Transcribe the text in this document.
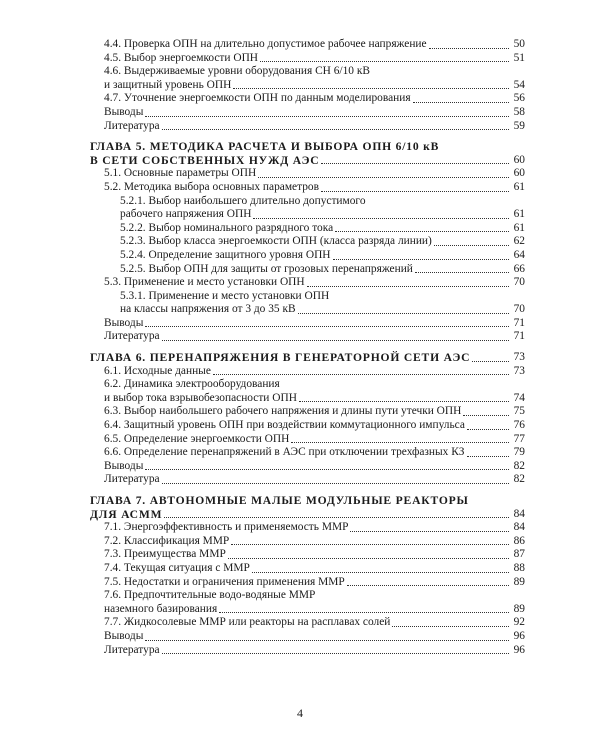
4.4. Проверка ОПН на длительно допустимое рабочее напряжение	50
4.5. Выбор энергоемкости ОПН	51
4.6. Выдерживаемые уровни оборудования СН 6/10 кВ
и защитный уровень ОПН	54
4.7. Уточнение энергоемкости ОПН по данным моделирования	56
Выводы	58
Литература	59
ГЛАВА 5. МЕТОДИКА РАСЧЕТА И ВЫБОРА ОПН 6/10 кВ
В СЕТИ СОБСТВЕННЫХ НУЖД АЭС	60
5.1. Основные параметры ОПН	60
5.2. Методика выбора основных параметров	61
5.2.1. Выбор наибольшего длительно допустимого
рабочего напряжения ОПН	61
5.2.2. Выбор номинального разрядного тока	61
5.2.3. Выбор класса энергоемкости ОПН (класса разряда линии)	62
5.2.4. Определение защитного уровня ОПН	64
5.2.5. Выбор ОПН для защиты от грозовых перенапряжений	66
5.3. Применение и место установки ОПН	70
5.3.1. Применение и место установки ОПН
на классы напряжения от 3 до 35 кВ	70
Выводы	71
Литература	71
ГЛАВА 6. ПЕРЕНАПРЯЖЕНИЯ В ГЕНЕРАТОРНОЙ СЕТИ АЭС	73
6.1. Исходные данные	73
6.2. Динамика электрооборудования
и выбор тока взрывобезопасности ОПН	74
6.3. Выбор наибольшего рабочего напряжения и длины пути утечки ОПН	75
6.4. Защитный уровень ОПН при воздействии коммутационного импульса	76
6.5. Определение энергоемкости ОПН	77
6.6. Определение перенапряжений в АЭС при отключении трехфазных КЗ	79
Выводы	82
Литература	82
ГЛАВА 7. АВТОНОМНЫЕ МАЛЫЕ МОДУЛЬНЫЕ РЕАКТОРЫ
ДЛЯ АСММ	84
7.1. Энергоэффективность и применяемость ММР	84
7.2. Классификация ММР	86
7.3. Преимущества ММР	87
7.4. Текущая ситуация с ММР	88
7.5. Недостатки и ограничения применения ММР	89
7.6. Предпочтительные водо-водяные ММР
наземного базирования	89
7.7. Жидкосолевые ММР или реакторы на расплавах солей	92
Выводы	96
Литература	96
4
